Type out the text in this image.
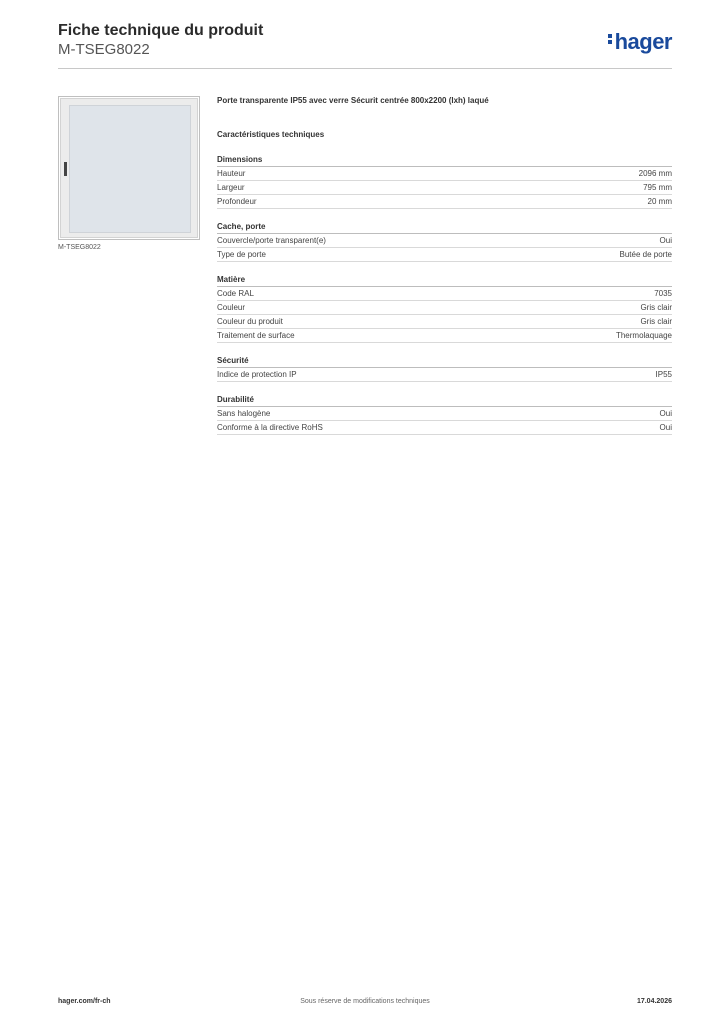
Fiche technique du produit
M-TSEG8022	hager
M-TSEG8022
Porte transparente IP55 avec verre Sécurit centrée 800x2200 (lxh) laqué
Caractéristiques techniques
Dimensions
Hauteur	2096 mm
Largeur	795 mm
Profondeur	20 mm
Cache, porte
Couvercle/porte transparent(e)	Oui
Type de porte	Butée de porte
Matière
Code RAL	7035
Couleur	Gris clair
Couleur du produit	Gris clair
Traitement de surface	Thermolaquage
Sécurité
Indice de protection IP	IP55
Durabilité
Sans halogène	Oui
Conforme à la directive RoHS	Oui
Sous réserve de modifications techniques
hager.com/fr-ch	17.04.2026
